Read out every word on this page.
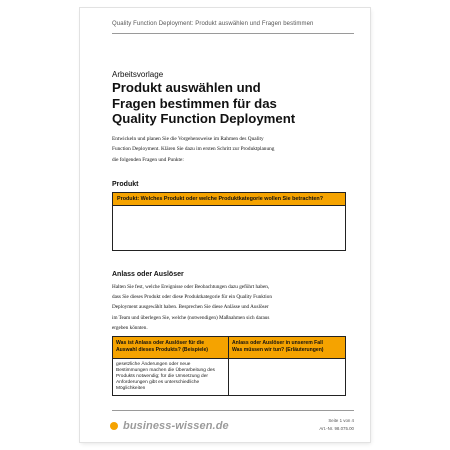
Quality Function Deployment: Produkt auswählen und Fragen bestimmen
Arbeitsvorlage
Produkt auswählen und
Fragen bestimmen für das
Quality Function Deployment
Entwickeln und planen Sie die Vorgehensweise im Rahmen des Quality
Function Deployment. Klären Sie dazu im ersten Schritt zur Produktplanung
die folgenden Fragen und Punkte:
Produkt
Produkt: Welches Produkt oder welche Produktkategorie wollen Sie betrachten?
Anlass oder Auslöser
Halten Sie fest, welche Ereignisse oder Beobachtungen dazu geführt haben,
dass Sie dieses Produkt oder diese Produktkategorie für ein Quality Funktion
Deployment ausgewählt haben. Besprechen Sie diese Anlässe und Auslöser
im Team und überlegen Sie, welche (notwendigen) Maßnahmen sich daraus
ergeben könnten.
Was ist Anlass oder Auslöser für die
Auswahl dieses Produkts? (Beispiele)
Anlass oder Auslöser in unserem Fall
Was müssen wir tun? (Erläuterungen)
gesetzliche Änderungen oder neue
Bestimmungen machen die Überarbeitung des
Produkts notwendig; für die Umsetzung der
Anforderungen gibt es unterschiedliche
Möglichkeiten
business-wissen.de	Seite 1 von 4
Art.-Nr. 98.075.00
